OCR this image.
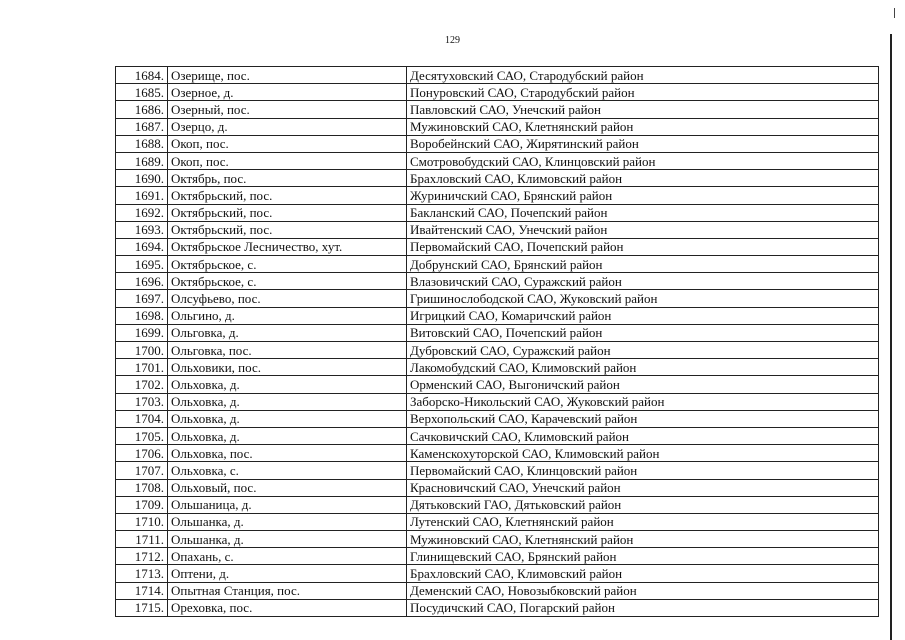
129
1684.	Озерище, пос.	Десятуховский САО, Стародубский район
1685.	Озерное, д.	Понуровский САО, Стародубский район
1686.	Озерный, пос.	Павловский САО, Унечский район
1687.	Озерцо, д.	Мужиновский САО, Клетнянский район
1688.	Окоп, пос.	Воробейнский САО, Жирятинский район
1689.	Окоп, пос.	Смотровобудский САО, Клинцовский район
1690.	Октябрь, пос.	Брахловский САО, Климовский район
1691.	Октябрьский, пос.	Журиничский САО, Брянский район
1692.	Октябрьский, пос.	Бакланский САО, Почепский район
1693.	Октябрьский, пос.	Ивайтенский САО, Унечский район
1694.	Октябрьское Лесничество, хут.	Первомайский САО, Почепский район
1695.	Октябрьское, с.	Добрунский САО, Брянский район
1696.	Октябрьское, с.	Влазовичский САО, Суражский район
1697.	Олсуфьево, пос.	Гришинослободской САО, Жуковский район
1698.	Ольгино, д.	Игрицкий САО, Комаричский район
1699.	Ольговка, д.	Витовский САО, Почепский район
1700.	Ольговка, пос.	Дубровский САО, Суражский район
1701.	Ольховики, пос.	Лакомобудский САО, Климовский район
1702.	Ольховка, д.	Орменский САО, Выгоничский район
1703.	Ольховка, д.	Заборско-Никольский САО, Жуковский район
1704.	Ольховка, д.	Верхопольский САО, Карачевский район
1705.	Ольховка, д.	Сачковичский САО, Климовский район
1706.	Ольховка, пос.	Каменскохуторской САО, Климовский район
1707.	Ольховка, с.	Первомайский САО, Клинцовский район
1708.	Ольховый, пос.	Красновичский САО, Унечский район
1709.	Ольшаница, д.	Дятьковский ГАО, Дятьковский район
1710.	Ольшанка, д.	Лутенский САО, Клетнянский район
1711.	Ольшанка, д.	Мужиновский САО, Клетнянский район
1712.	Опахань, с.	Глинищевский САО, Брянский район
1713.	Оптени, д.	Брахловский САО, Климовский район
1714.	Опытная Станция, пос.	Деменский САО, Новозыбковский район
1715.	Ореховка, пос.	Посудичский САО, Погарский район
